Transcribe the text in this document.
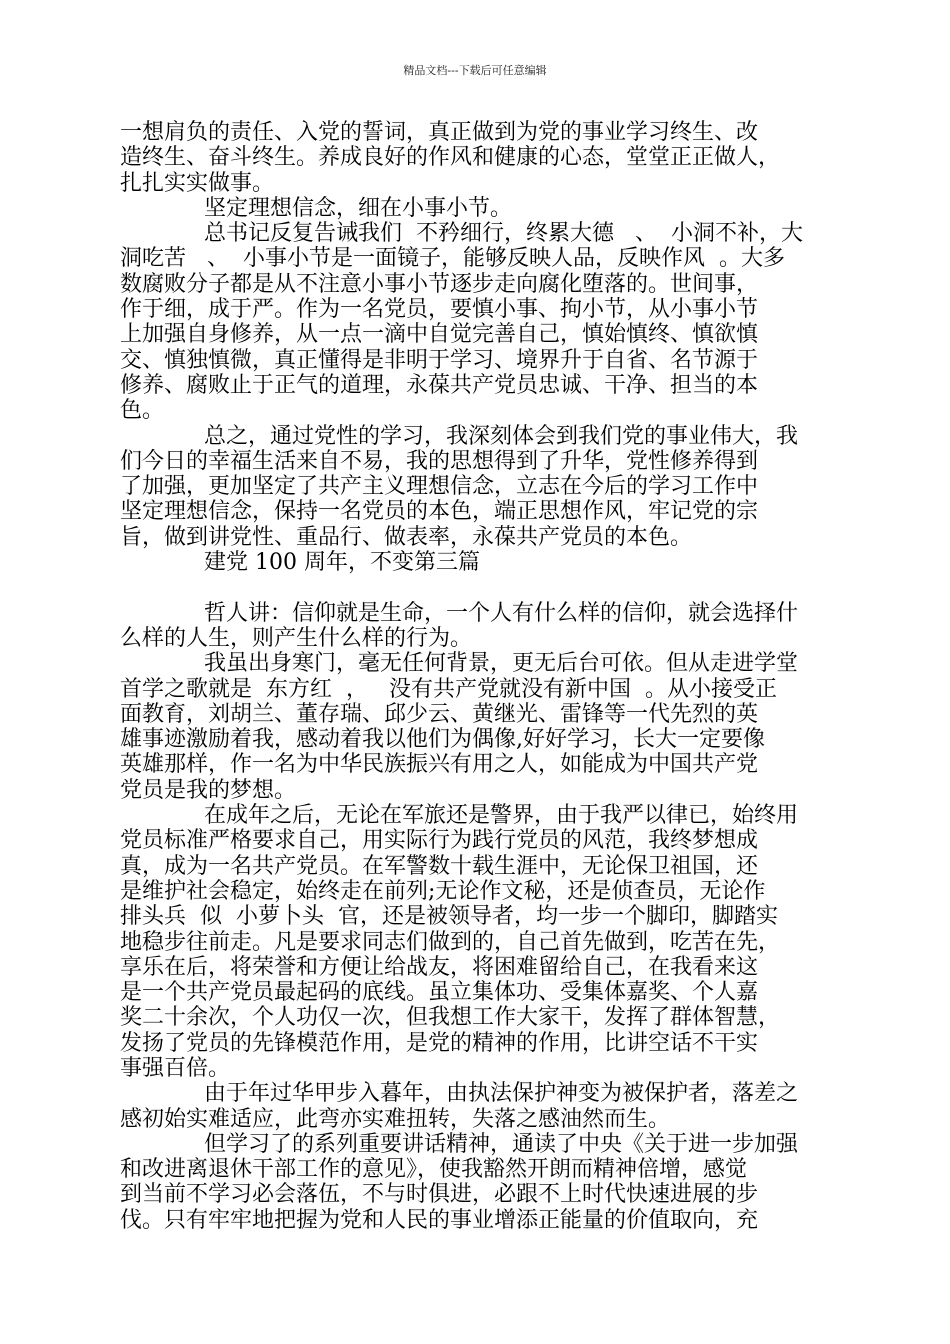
精品文档---下载后可任意编辑
一想肩负的责任、入党的誓词，真正做到为党的事业学习终生、改
造终生、奋斗终生。养成良好的作风和健康的心态，堂堂正正做人，
扎扎实实做事。
坚定理想信念，细在小事小节。
总书记反复告诫我们  不矜细行，终累大德   、  小洞不补，大
洞吃苦   、  小事小节是一面镜子，能够反映人品，反映作风  。大多
数腐败分子都是从不注意小事小节逐步走向腐化堕落的。世间事，
作于细，成于严。作为一名党员，要慎小事、拘小节，从小事小节
上加强自身修养，从一点一滴中自觉完善自己，慎始慎终、慎欲慎
交、慎独慎微，真正懂得是非明于学习、境界升于自省、名节源于
修养、腐败止于正气的道理，永葆共产党员忠诚、干净、担当的本
色。
总之，通过党性的学习，我深刻体会到我们党的事业伟大，我
们今日的幸福生活来自不易，我的思想得到了升华，党性修养得到
了加强，更加坚定了共产主义理想信念，立志在今后的学习工作中
坚定理想信念，保持一名党员的本色，端正思想作风，牢记党的宗
旨，做到讲党性、重品行、做表率，永葆共产党员的本色。
建党 100 周年，不变第三篇
哲人讲：信仰就是生命，一个人有什么样的信仰，就会选择什
么样的人生，则产生什么样的行为。
我虽出身寒门，毫无任何背景，更无后台可依。但从走进学堂
首学之歌就是  东方红  ，   没有共产党就没有新中国  。从小接受正
面教育，刘胡兰、董存瑞、邱少云、黄继光、雷锋等一代先烈的英
雄事迹激励着我，感动着我以他们为偶像,好好学习，长大一定要像
英雄那样，作一名为中华民族振兴有用之人，如能成为中国共产党
党员是我的梦想。
在成年之后，无论在军旅还是警界，由于我严以律已，始终用
党员标准严格要求自己，用实际行为践行党员的风范，我终梦想成
真，成为一名共产党员。在军警数十载生涯中，无论保卫祖国，还
是维护社会稳定，始终走在前列;无论作文秘，还是侦查员，无论作
排头兵  似  小萝卜头  官，还是被领导者，均一步一个脚印，脚踏实
地稳步往前走。凡是要求同志们做到的，自己首先做到，吃苦在先，
享乐在后，将荣誉和方便让给战友，将困难留给自己，在我看来这
是一个共产党员最起码的底线。虽立集体功、受集体嘉奖、个人嘉
奖二十余次，个人功仅一次，但我想工作大家干，发挥了群体智慧，
发扬了党员的先锋模范作用，是党的精神的作用，比讲空话不干实
事强百倍。
由于年过华甲步入暮年，由执法保护神变为被保护者，落差之
感初始实难适应，此弯亦实难扭转，失落之感油然而生。
但学习了的系列重要讲话精神，通读了中央《关于进一步加强
和改进离退休干部工作的意见》，使我豁然开朗而精神倍增，感觉
到当前不学习必会落伍，不与时俱进，必跟不上时代快速进展的步
伐。只有牢牢地把握为党和人民的事业增添正能量的价值取向，充
